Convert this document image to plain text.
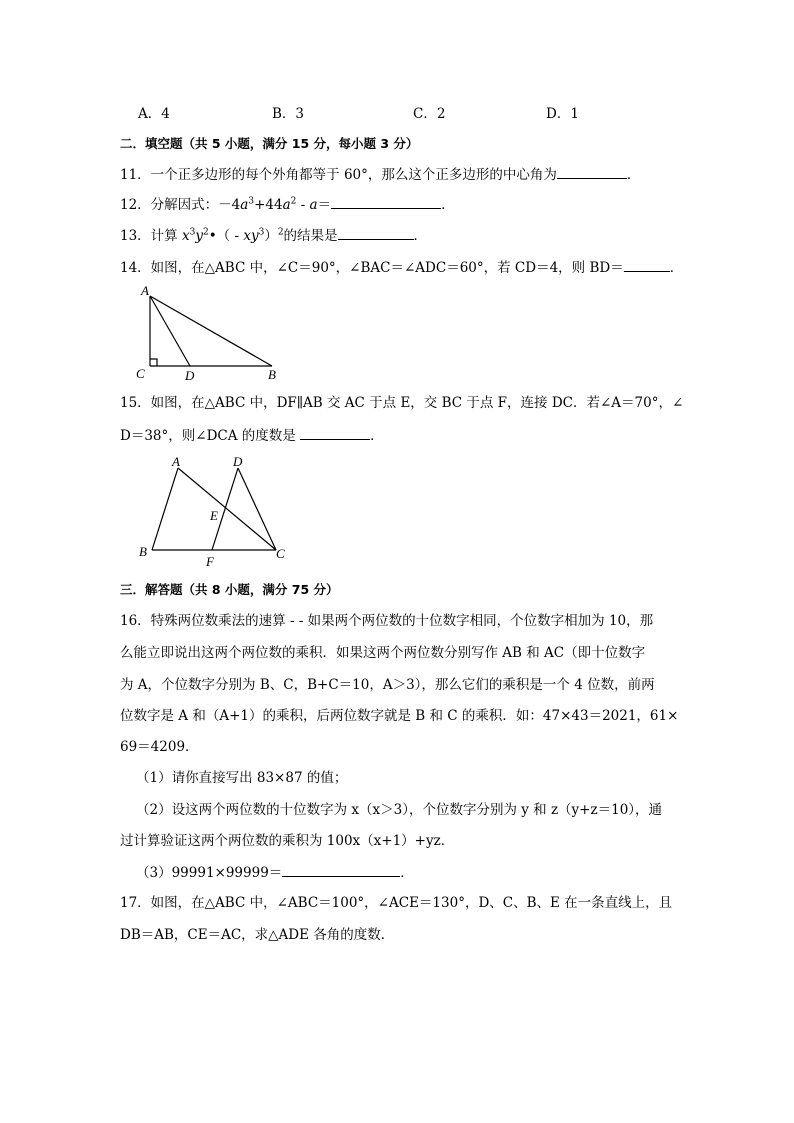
A．4	B．3	C．2	D．1
二．填空题（共 5 小题，满分 15 分，每小题 3 分）
11．一个正多边形的每个外角都等于 60°，那么这个正多边形的中心角为	．
12．分解因式：$-4a^3+44a^2 - a=$	．
13．计算 $x^3y^2•( - xy^3)^2$的结果是	．
14．如图，在△ABC 中，∠C＝90°，∠BAC＝∠ADC＝60°，若 CD＝4，则 BD＝	．
A
C	D	B
15．如图，在△ABC 中，DF∥AB 交 AC 于点 E，交 BC 于点 F，连接 DC．若∠A＝70°，∠
D＝38°，则∠DCA 的度数是	．
A	D
E
B	C
F
三．解答题（共 8 小题，满分 75 分）
16．特殊两位数乘法的速算 - - 如果两个两位数的十位数字相同，个位数字相加为 10，那
么能立即说出这两个两位数的乘积．如果这两个两位数分别写作 AB 和 AC（即十位数字
为 A，个位数字分别为 B、C，B+C＝10，A＞3），那么它们的乘积是一个 4 位数，前两
位数字是 A 和（A+1）的乘积，后两位数字就是 B 和 C 的乘积．如：47×43＝2021，61×
69＝4209．
（1）请你直接写出 83×87 的值；
（2）设这两个两位数的十位数字为 x（x＞3），个位数字分别为 y 和 z（y+z＝10），通
过计算验证这两个两位数的乘积为 100x（x+1）+yz．
（3）99991×99999＝	．
17．如图，在△ABC 中，∠ABC＝100°，∠ACE＝130°，D、C、B、E 在一条直线上，且
DB＝AB，CE＝AC，求△ADE 各角的度数．
